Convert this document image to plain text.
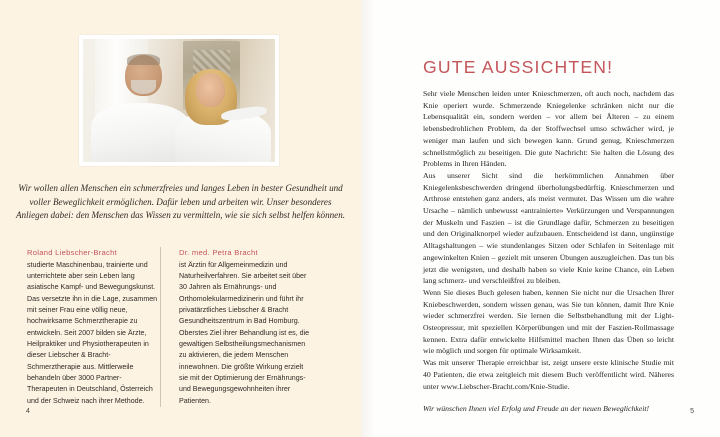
Wir wollen allen Menschen ein schmerzfreies und langes Leben in bester Gesundheit und voller Beweglichkeit ermöglichen. Dafür leben und arbeiten wir. Unser besonderes Anliegen dabei: den Menschen das Wissen zu vermitteln, wie sie sich selbst helfen können.
Roland Liebscher-Bracht

studierte Maschinenbau, trainierte und unterrichtete aber sein Leben lang asiatische Kampf- und Bewegungskunst. Das versetzte ihn in die Lage, zusammen mit seiner Frau eine völlig neue, hochwirksame Schmerztherapie zu entwickeln. Seit 2007 bilden sie Ärzte, Heilpraktiker und Physiotherapeuten in dieser Liebscher & Bracht-Schmerztherapie aus. Mittlerweile behandeln über 3000 Partner-Therapeuten in Deutschland, Österreich und der Schweiz nach ihrer Methode.

Dr. med. Petra Bracht

ist Ärztin für Allgemeinmedizin und Naturheilverfahren. Sie arbeitet seit über 30 Jahren als Ernährungs- und Orthomolekularmedizinerin und führt ihr privatärztliches Liebscher & Bracht Gesundheitszentrum in Bad Homburg. Oberstes Ziel ihrer Behandlung ist es, die gewaltigen Selbstheilungsmechanismen zu aktivieren, die jedem Menschen innewohnen. Die größte Wirkung erzielt sie mit der Optimierung der Ernährungs- und Bewegungsgewohnheiten ihrer Patienten.

4
GUTE AUSSICHTEN!

Sehr viele Menschen leiden unter Knieschmerzen, oft auch noch, nachdem das Knie operiert wurde. Schmerzende Kniegelenke schränken nicht nur die Lebensqualität ein, sondern werden – vor allem bei Älteren – zu einem lebensbedrohlichen Problem, da der Stoffwechsel umso schwächer wird, je weniger man laufen und sich bewegen kann. Grund genug, Knieschmerzen schnellstmöglich zu beseitigen. Die gute Nachricht: Sie halten die Lösung des Problems in Ihren Händen.

Aus unserer Sicht sind die herkömmlichen Annahmen über Kniegelenksbeschwerden dringend überholungsbedürftig. Knieschmerzen und Arthrose entstehen ganz anders, als meist vermutet. Das Wissen um die wahre Ursache – nämlich unbewusst «antrainierte» Verkürzungen und Verspannungen der Muskeln und Faszien – ist die Grundlage dafür, Schmerzen zu beseitigen und den Originalknorpel wieder aufzubauen. Entscheidend ist dann, ungünstige Alltagshaltungen – wie stundenlanges Sitzen oder Schlafen in Seitenlage mit angewinkelten Knien – gezielt mit unseren Übungen auszugleichen. Das tun bis jetzt die wenigsten, und deshalb haben so viele Knie keine Chance, ein Leben lang schmerz- und verschleißfrei zu bleiben.

Wenn Sie dieses Buch gelesen haben, kennen Sie nicht nur die Ursachen Ihrer Kniebeschwerden, sondern wissen genau, was Sie tun können, damit Ihre Knie wieder schmerzfrei werden. Sie lernen die Selbstbehandlung mit der Light-Osteopressur, mit speziellen Körperübungen und mit der Faszien-Rollmassage kennen. Extra dafür entwickelte Hilfsmittel machen Ihnen das Üben so leicht wie möglich und sorgen für optimale Wirksamkeit.

Was mit unserer Therapie erreichbar ist, zeigt unsere erste klinische Studie mit 40 Patienten, die etwa zeitgleich mit diesem Buch veröffentlicht wird. Näheres unter www.Liebscher-Bracht.com/Knie-Studie.

Wir wünschen Ihnen viel Erfolg und Freude an der neuen Beweglichkeit!	5
